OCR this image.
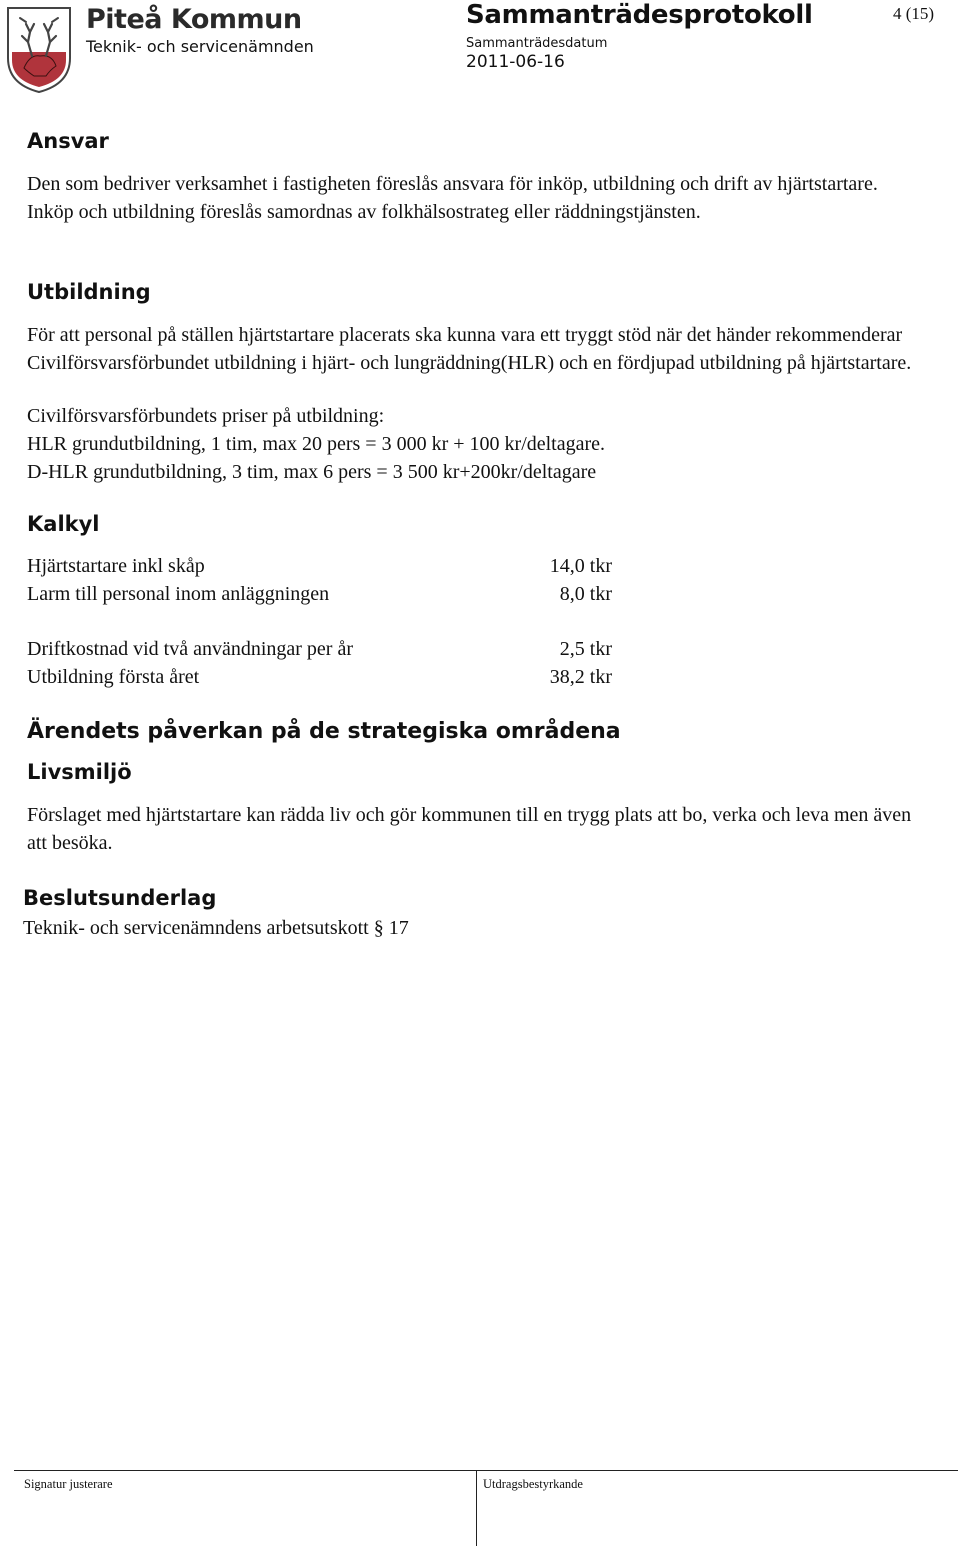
Piteå Kommun
Teknik- och servicenämnden
Sammanträdesprotokoll
Sammanträdesdatum
2011-06-16
4 (15)
Ansvar
Den som bedriver verksamhet i fastigheten föreslås ansvara för inköp, utbildning och drift av hjärtstartare. Inköp och utbildning föreslås samordnas av folkhälsostrateg eller räddningstjänsten.
Utbildning
För att personal på ställen hjärtstartare placerats ska kunna vara ett tryggt stöd när det händer rekommenderar Civilförsvarsförbundet utbildning i hjärt- och lungräddning(HLR) och en fördjupad utbildning på hjärtstartare.
Civilförsvarsförbundets priser på utbildning:
HLR grundutbildning, 1 tim, max 20 pers = 3 000 kr + 100 kr/deltagare.
D-HLR grundutbildning, 3 tim, max 6 pers = 3 500 kr+200kr/deltagare
Kalkyl
Hjärtstartare inkl skåp	14,0 tkr
Larm till personal inom anläggningen	8,0 tkr
Driftkostnad vid två användningar per år	2,5 tkr
Utbildning första året	38,2 tkr
Ärendets påverkan på de strategiska områdena
Livsmiljö
Förslaget med hjärtstartare kan rädda liv och gör kommunen till en trygg plats att bo, verka och leva men även att besöka.
Beslutsunderlag
Teknik- och servicenämndens arbetsutskott § 17
Signatur justerare	Utdragsbestyrkande
